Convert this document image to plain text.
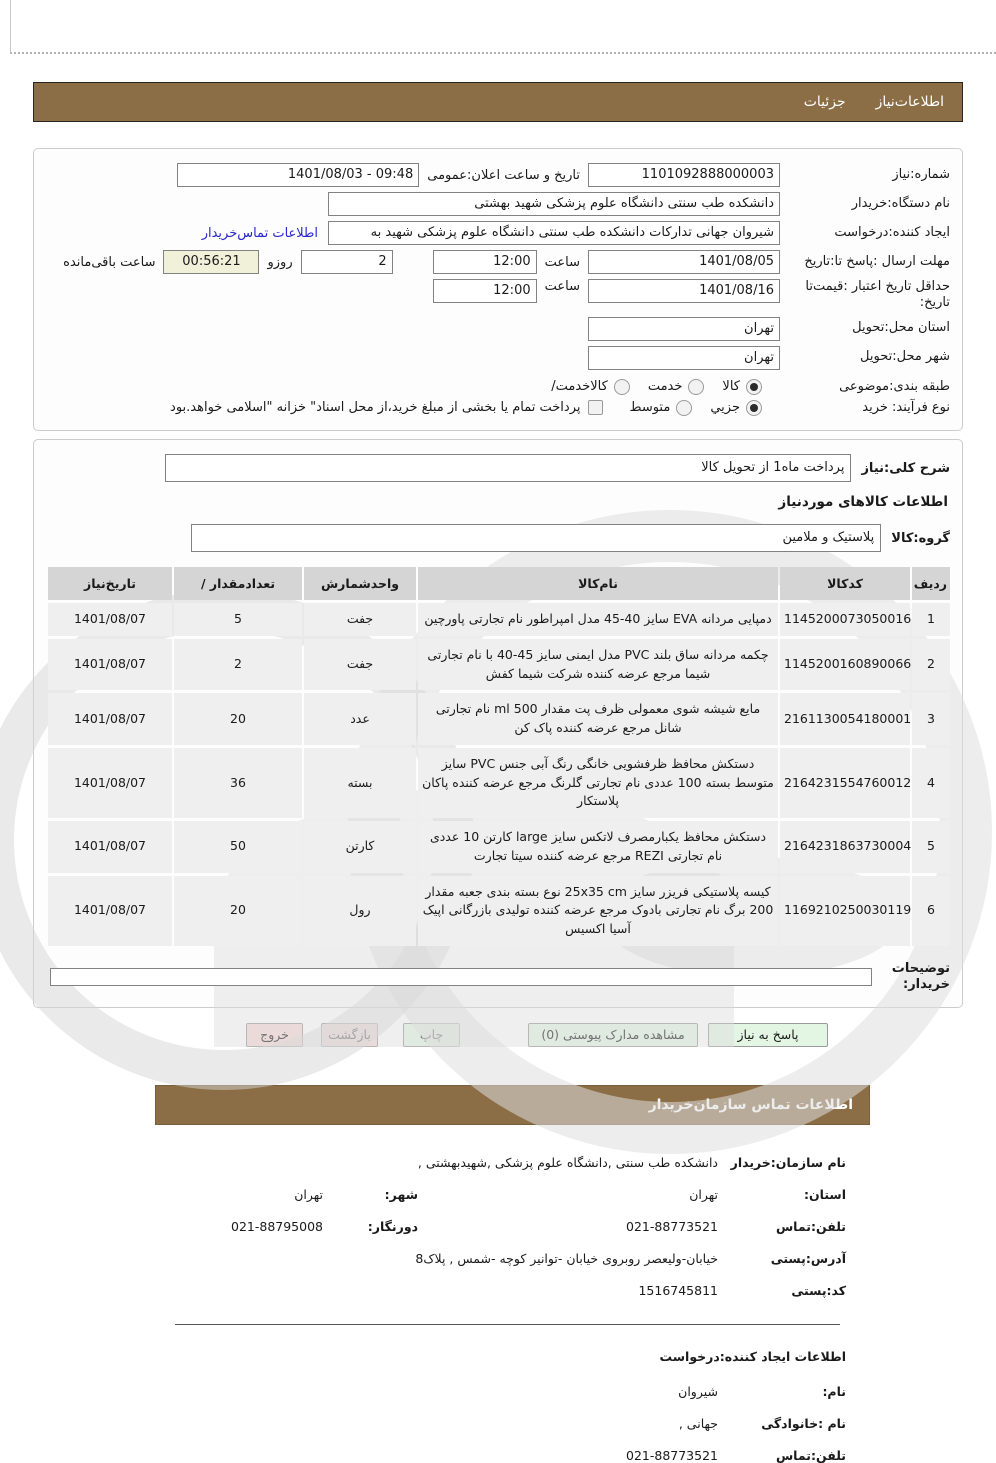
اطلاعات‌نیاز
جزئیات
شماره:نیاز
1101092888000003
تاریخ و ساعت اعلان:عمومی
1401/08/03 - 09:48
نام دستگاه:خریدار
دانشکده طب سنتی دانشگاه علوم پزشکی شهید بهشتی
ایجاد کننده:درخواست
شیروان جهانی تدارکات دانشکده طب سنتی دانشگاه علوم پزشکی شهید به
اطلاعات تماس‌خریدار
مهلت ارسال :پاسخ تا:تاریخ
1401/08/05
ساعت
12:00
2
روزو
00:56:21
ساعت باقی‌مانده
حداقل تاریخ اعتبار :قیمت‌تا
تاریخ:
1401/08/16
ساعت
12:00
استان محل:تحویل
تهران
شهر محل:تحویل
تهران
طبقه بندی:موضوعی
کالا
خدمت
کالاخدمت/
نوع فرآیند: خرید
جزيي
متوسط
پرداخت تمام یا بخشی از مبلغ خرید،از محل اسناد" خزانه "اسلامی خواهد.بود
شرح کلی:نیاز
پرداخت ماه1 از تحویل کالا
اطلاعات کالاهای موردنیاز
گروه:کالا
پلاستیک و ملامین
ردیف	کدکالا	نام‌کالا	واحدشمارش	تعدادمقدار /	تاریخ‌نیاز
1	1145200073050016	دمپایی مردانه EVA سایز 40-45 مدل امپراطور نام تجارتی پاورچین	جفت	5	1401/08/07
2	1145200160890066	چکمه مردانه ساق بلند PVC مدل ایمنی سایز 45-40 با نام تجارتی شیما مرجع عرضه کننده شرکت شیما کفش	جفت	2	1401/08/07
3	2161130054180001	مایع شیشه شوی معمولی ظرف پت مقدار 500 ml نام تجارتی شانل مرجع عرضه کننده پاک کن	عدد	20	1401/08/07
4	2164231554760012	دستکش محافظ ظرفشویی خانگی رنگ آبی جنس PVC سایز متوسط بسته 100 عددی نام تجارتی گلرنگ مرجع عرضه کننده پاکان پلاستکار	بسته	36	1401/08/07
5	2164231863730004	دستکش محافظ یکبارمصرف لاتکس سایز large کارتن 10 عددی نام تجارتی REZI مرجع عرضه کننده سیتا تجارت	کارتن	50	1401/08/07
6	1169210250030119	کیسه پلاستیکی فریزر سایز 25x35 cm نوع بسته بندی جعبه مقدار 200 برگ نام تجارتی بادوک مرجع عرضه کننده تولیدی بازرگانی اپیک آسیا اکسیس	رول	20	1401/08/07
توضیحات
خریدار:
پاسخ به نیاز
مشاهده مدارک پیوستی (0)
چاپ
بازگشت
خروج
اطلاعات تماس سازمان‌خریدار
نام سازمان:خریدار
دانشکده طب سنتی ,دانشگاه علوم پزشکی ,شهیدبهشتی ,
استان:
تهران
شهر:
تهران
تلفن:تماس
021-88773521
دورنگار:
021-88795008
آدرس:پستی
خیابان-ولیعصر روبروی خیابان -توانیر کوچه -شمس , پلاک8
کد:پستی
1516745811
اطلاعات ایجاد کننده:درخواست
نام:
شیروان
نام :خانوادگی
جهانی ,
تلفن:تماس
021-88773521
